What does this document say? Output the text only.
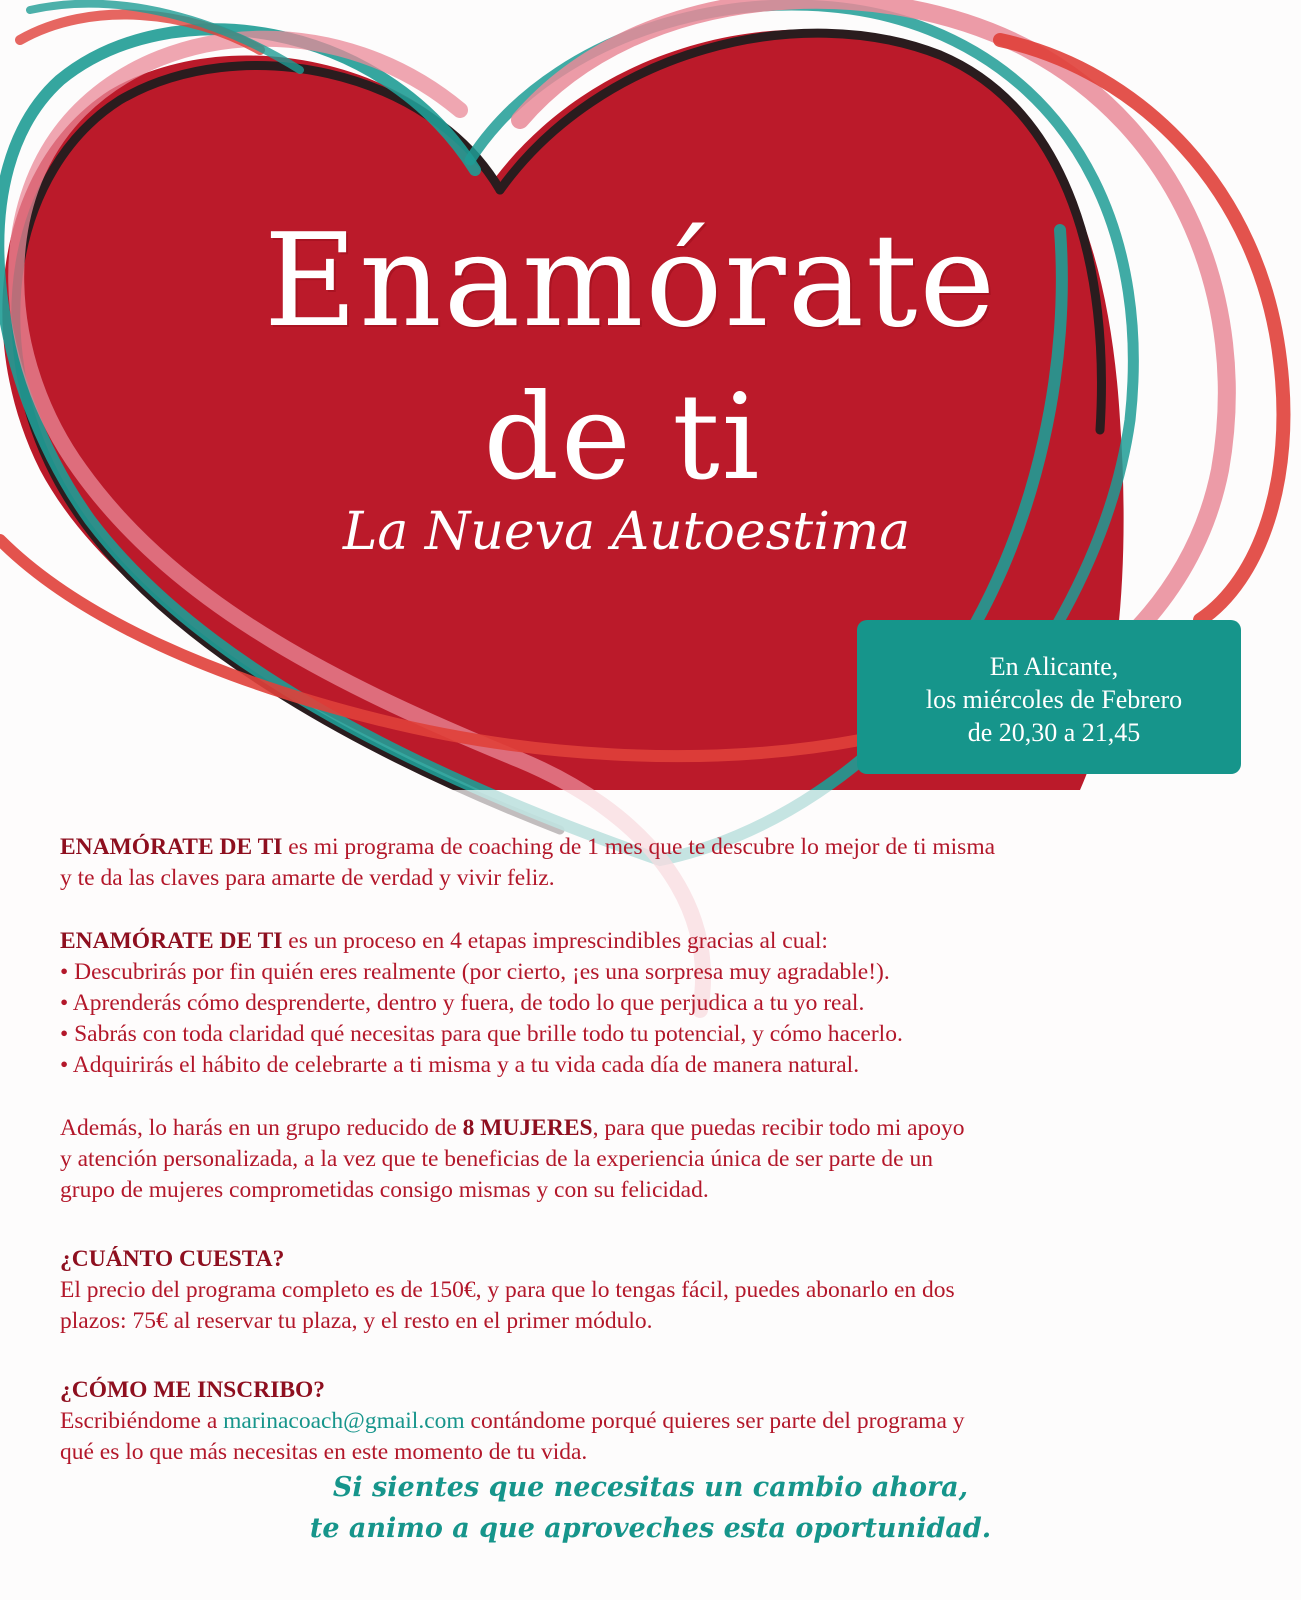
Enamórate
de ti
La Nueva Autoestima
En Alicante,
los miércoles de Febrero
de 20,30 a 21,45

ENAMÓRATE DE TI es mi programa de coaching de 1 mes que te descubre lo mejor de ti misma

y te da las claves para amarte de verdad y vivir feliz.

ENAMÓRATE DE TI es un proceso en 4 etapas imprescindibles gracias al cual:

• Descubrirás por fin quién eres realmente (por cierto, ¡es una sorpresa muy agradable!).

• Aprenderás cómo desprenderte, dentro y fuera, de todo lo que perjudica a tu yo real.

• Sabrás con toda claridad qué necesitas para que brille todo tu potencial, y cómo hacerlo.

• Adquirirás el hábito de celebrarte a ti misma y a tu vida cada día de manera natural.

Además, lo harás en un grupo reducido de 8 MUJERES, para que puedas recibir todo mi apoyo

y atención personalizada, a la vez que te beneficias de la experiencia única de ser parte de un

grupo de mujeres comprometidas consigo mismas y con su felicidad.

¿CUÁNTO CUESTA?

El precio del programa completo es de 150€, y para que lo tengas fácil, puedes abonarlo en dos

plazos: 75€ al reservar tu plaza, y el resto en el primer módulo.

¿CÓMO ME INSCRIBO?

Escribiéndome a marinacoach@gmail.com contándome porqué quieres ser parte del programa y

qué es lo que más necesitas en este momento de tu vida.

Si sientes que necesitas un cambio ahora,
te animo a que aproveches esta oportunidad.
